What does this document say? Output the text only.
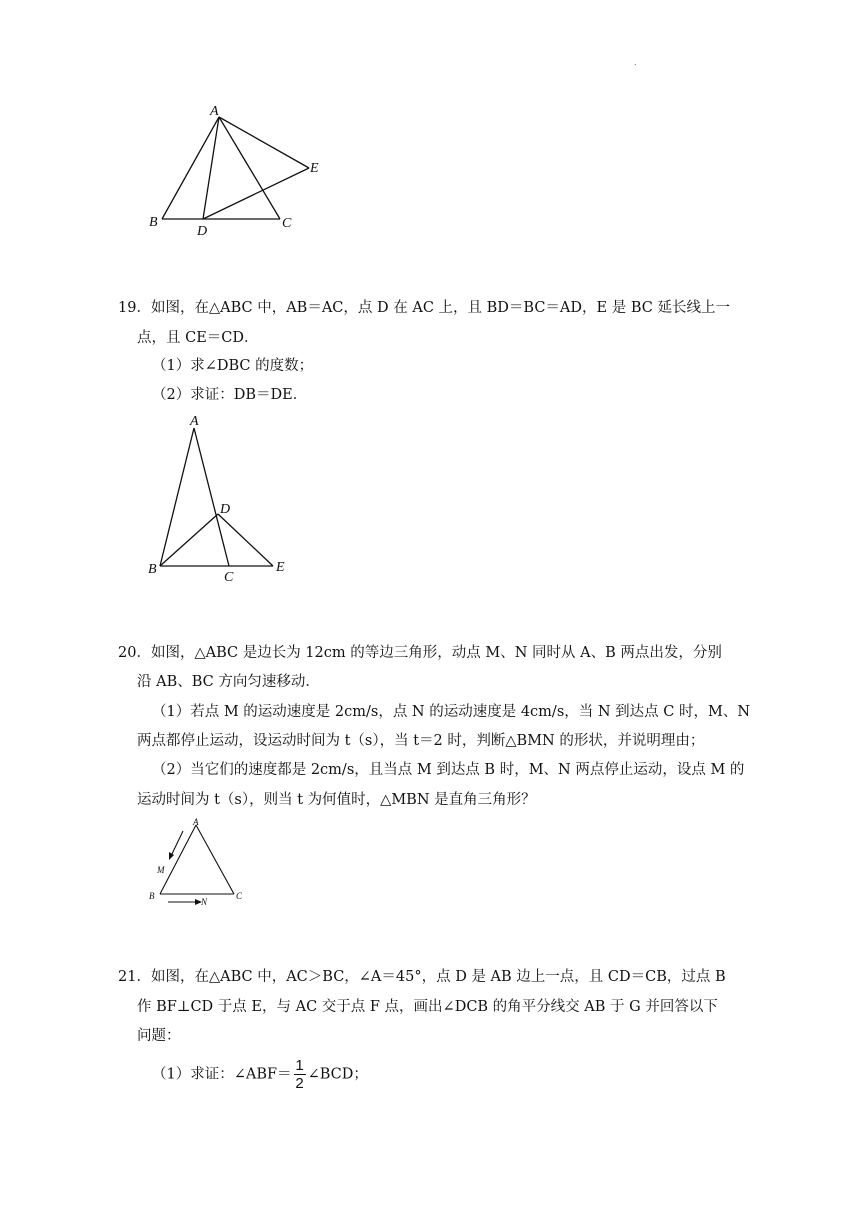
.
A
B
D
C
E
19．如图，在△ABC 中，AB＝AC，点 D 在 AC 上，且 BD＝BC＝AD，E 是 BC 延长线上一
点，且 CE＝CD．
（1）求∠DBC 的度数；
（2）求证：DB＝DE．
A
D
B
C
E
20．如图，△ABC 是边长为 12cm 的等边三角形，动点 M、N 同时从 A、B 两点出发，分别
沿 AB、BC 方向匀速移动．
（1）若点 M 的运动速度是 2cm/s，点 N 的运动速度是 4cm/s，当 N 到达点 C 时，M、N
两点都停止运动，设运动时间为 t（s），当 t＝2 时，判断△BMN 的形状，并说明理由；
（2）当它们的速度都是 2cm/s，且当点 M 到达点 B 时，M、N 两点停止运动，设点 M 的
运动时间为 t（s），则当 t 为何值时，△MBN 是直角三角形？
A
M
B	C
N
21．如图，在△ABC 中，AC＞BC，∠A＝45°，点 D 是 AB 边上一点，且 CD＝CB，过点 B
作 BF⊥CD 于点 E，与 AC 交于点 F 点，画出∠DCB 的角平分线交 AB 于 G 并回答以下
问题：
（1）求证：∠ABF＝ $\frac{1}{2}$ ∠BCD；
